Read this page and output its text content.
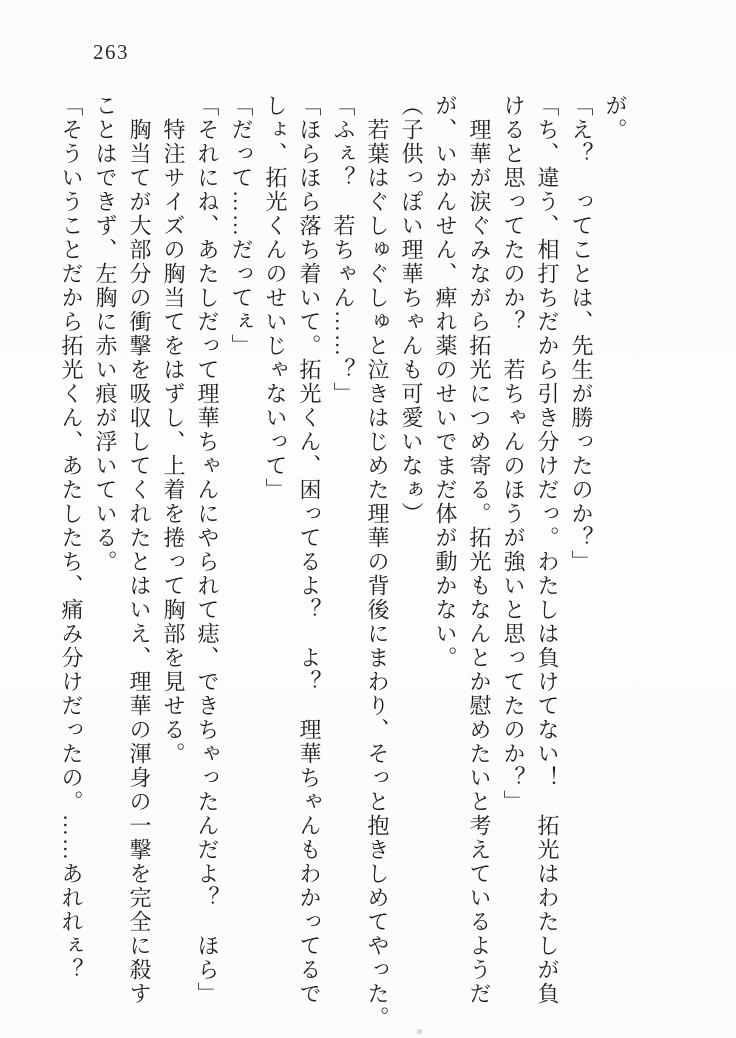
263

が。

「え？　ってことは、先生が勝ったのか？」

「ち、違う、相打ちだから引き分けだっ。わたしは負けてない！　拓光はわたしが負

けると思ってたのか？　若ちゃんのほうが強いと思ってたのか？」

理華が涙ぐみながら拓光につめ寄る。拓光もなんとか慰めたいと考えているようだ

が、いかんせん、痺れ薬のせいでまだ体が動かない。

（子供っぽい理華ちゃんも可愛いなぁ）

若葉はぐしゅぐしゅと泣きはじめた理華の背後にまわり、そっと抱きしめてやった。

「ふぇ？　若ちゃん……？」

「ほらほら落ち着いて。拓光くん、困ってるよ？　よ？　理華ちゃんもわかってるで

しょ、拓光くんのせいじゃないって」

「だって……だってぇ」

「それにね、あたしだって理華ちゃんにやられて痣、できちゃったんだよ？　ほら」

特注サイズの胸当てをはずし、上着を捲って胸部を見せる。

胸当てが大部分の衝撃を吸収してくれたとはいえ、理華の渾身の一撃を完全に殺す

ことはできず、左胸に赤い痕が浮いている。

「そういうことだから拓光くん、あたしたち、痛み分けだったの。……あれれぇ？
